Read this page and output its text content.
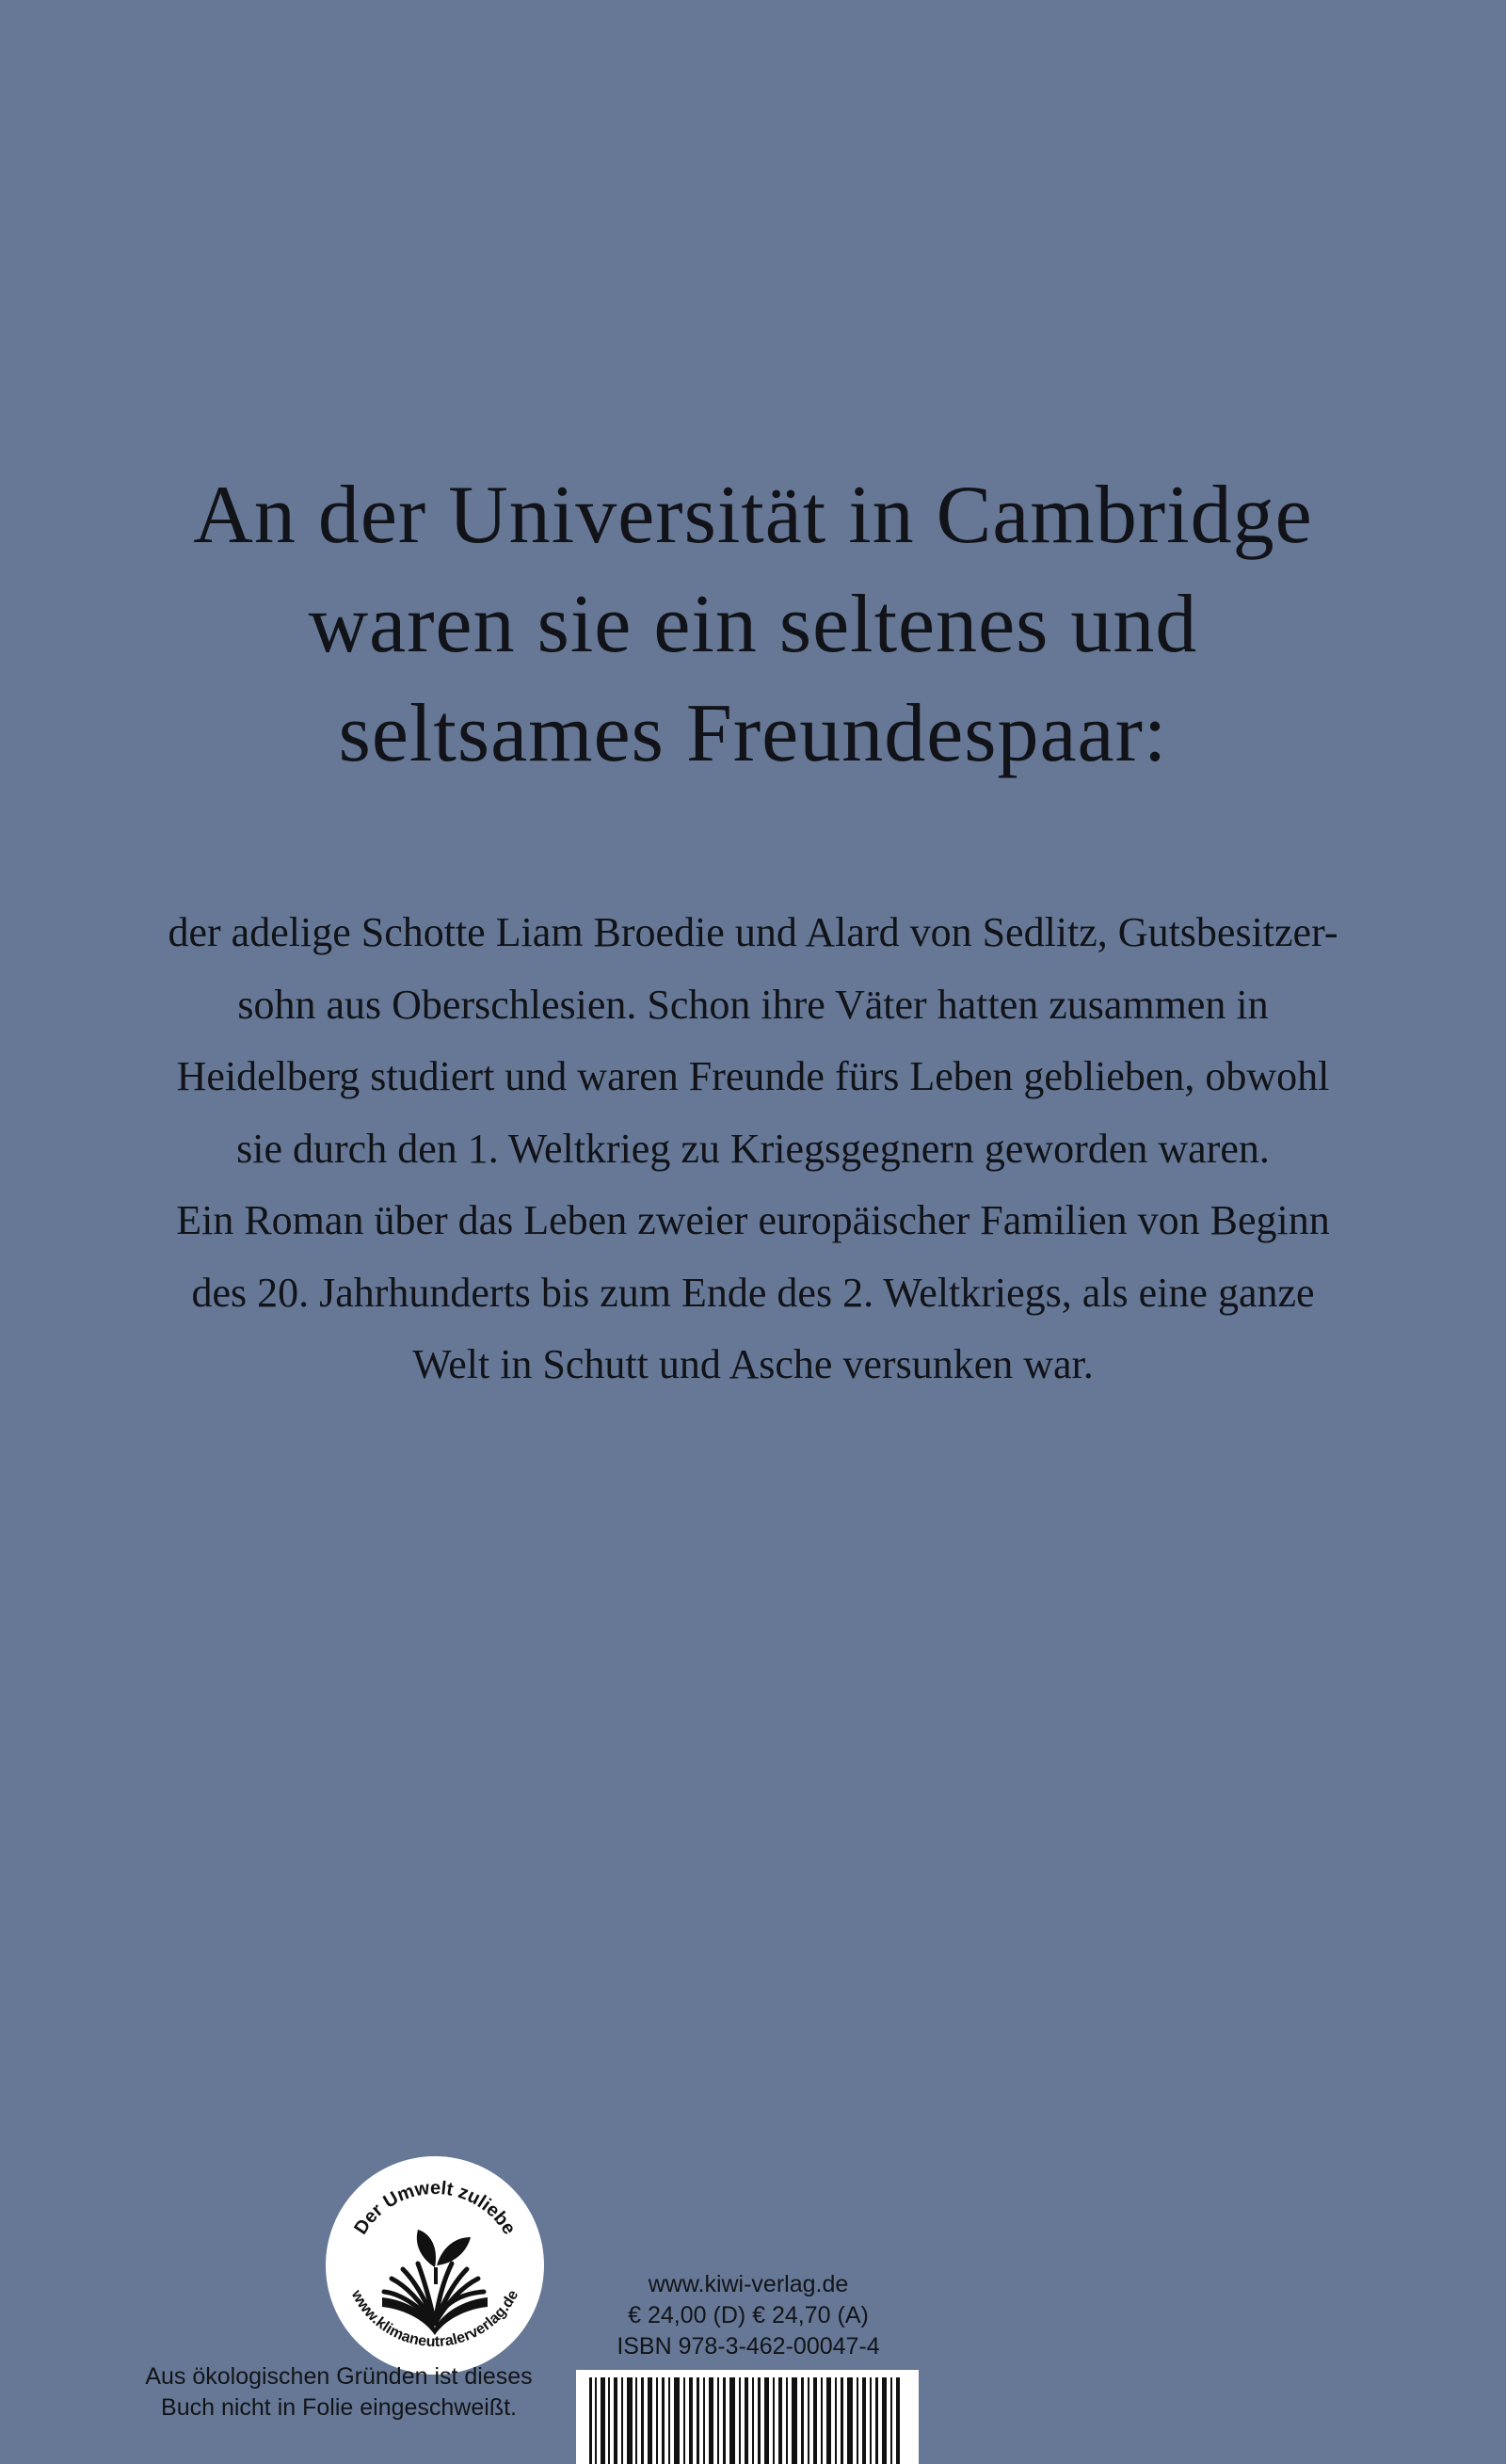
An der Universität in Cambridge
waren sie ein seltenes und
seltsames Freundespaar:
der adelige Schotte Liam Broedie und Alard von Sedlitz, Gutsbesitzer-
sohn aus Oberschlesien. Schon ihre Väter hatten zusammen in
Heidelberg studiert und waren Freunde fürs Leben geblieben, obwohl
sie durch den 1. Weltkrieg zu Kriegsgegnern geworden waren.
Ein Roman über das Leben zweier europäischer Familien von Beginn
des 20. Jahrhunderts bis zum Ende des 2. Weltkriegs, als eine ganze
Welt in Schutt und Asche versunken war.
Der Umwelt zuliebe
www.klimaneutralerverlag.de
Aus ökologischen Gründen ist dieses
Buch nicht in Folie eingeschweißt.
www.kiwi-verlag.de
€ 24,00 (D) € 24,70 (A)
ISBN 978-3-462-00047-4
